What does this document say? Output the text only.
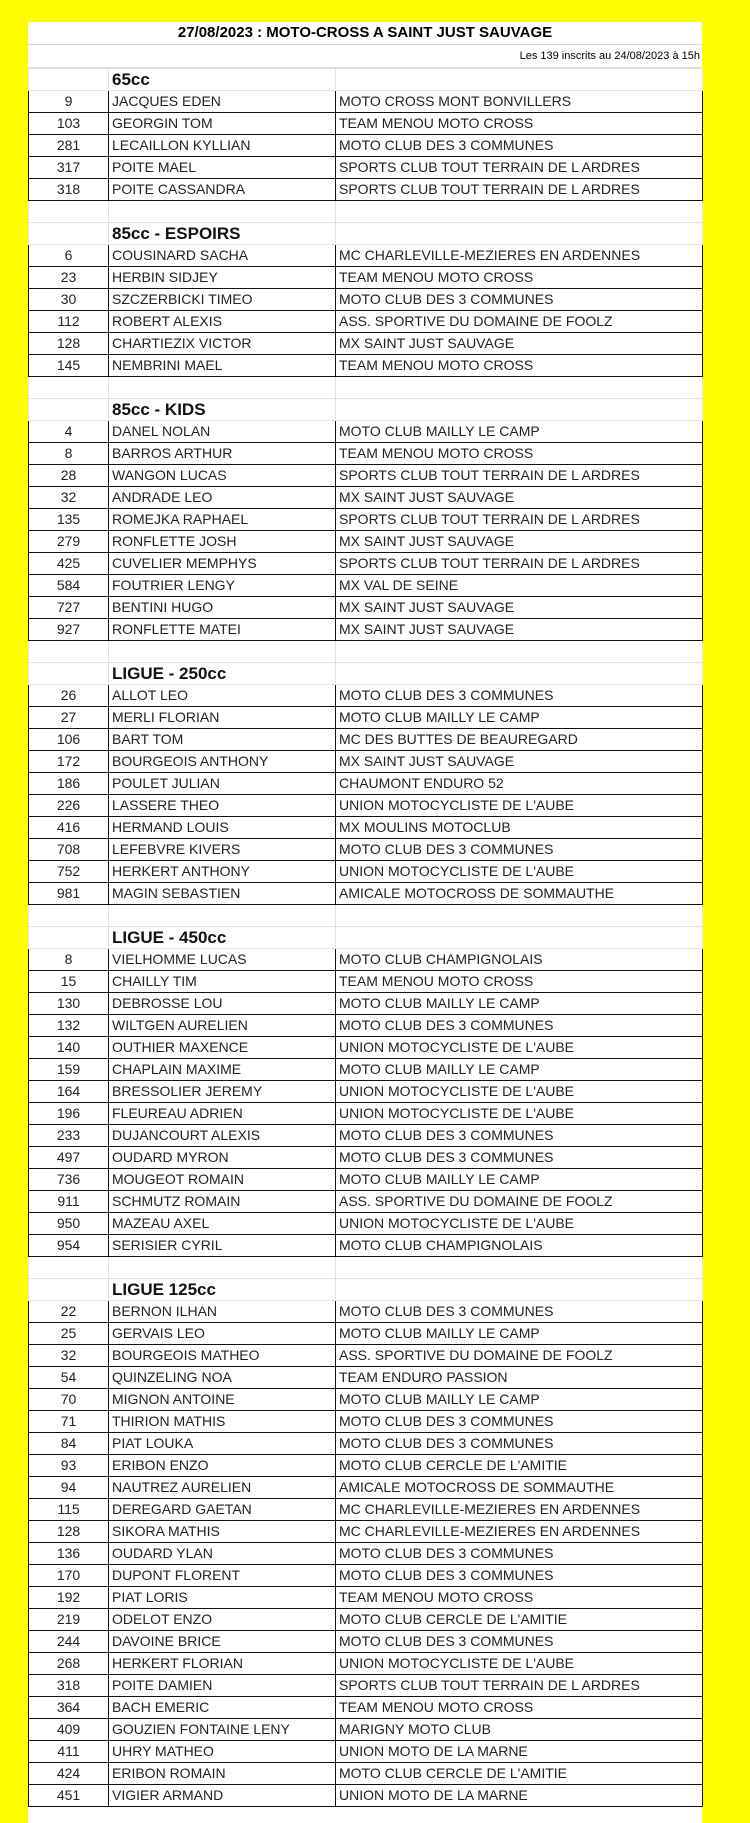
27/08/2023 : MOTO-CROSS A SAINT JUST SAUVAGE
Les 139 inscrits au 24/08/2023 à 15h
	65cc	
9	JACQUES EDEN	MOTO CROSS MONT BONVILLERS
103	GEORGIN TOM	TEAM MENOU MOTO CROSS
281	LECAILLON KYLLIAN	MOTO CLUB DES 3 COMMUNES
317	POITE MAEL	SPORTS CLUB TOUT TERRAIN DE L ARDRES
318	POITE CASSANDRA	SPORTS CLUB TOUT TERRAIN DE L ARDRES

	85cc - ESPOIRS	
6	COUSINARD SACHA	MC CHARLEVILLE-MEZIERES EN ARDENNES
23	HERBIN SIDJEY	TEAM MENOU MOTO CROSS
30	SZCZERBICKI TIMEO	MOTO CLUB DES 3 COMMUNES
112	ROBERT ALEXIS	ASS. SPORTIVE DU DOMAINE DE FOOLZ
128	CHARTIEZIX VICTOR	MX SAINT JUST SAUVAGE
145	NEMBRINI MAEL	TEAM MENOU MOTO CROSS

	85cc - KIDS	
4	DANEL NOLAN	MOTO CLUB MAILLY LE CAMP
8	BARROS ARTHUR	TEAM MENOU MOTO CROSS
28	WANGON LUCAS	SPORTS CLUB TOUT TERRAIN DE L ARDRES
32	ANDRADE LEO	MX SAINT JUST SAUVAGE
135	ROMEJKA RAPHAEL	SPORTS CLUB TOUT TERRAIN DE L ARDRES
279	RONFLETTE JOSH	MX SAINT JUST SAUVAGE
425	CUVELIER MEMPHYS	SPORTS CLUB TOUT TERRAIN DE L ARDRES
584	FOUTRIER LENGY	MX VAL DE SEINE
727	BENTINI HUGO	MX SAINT JUST SAUVAGE
927	RONFLETTE MATEI	MX SAINT JUST SAUVAGE

	LIGUE - 250cc	
26	ALLOT LEO	MOTO CLUB DES 3 COMMUNES
27	MERLI FLORIAN	MOTO CLUB MAILLY LE CAMP
106	BART TOM	MC DES BUTTES DE BEAUREGARD
172	BOURGEOIS ANTHONY	MX SAINT JUST SAUVAGE
186	POULET JULIAN	CHAUMONT ENDURO 52
226	LASSERE THEO	UNION MOTOCYCLISTE DE L'AUBE
416	HERMAND LOUIS	MX MOULINS MOTOCLUB
708	LEFEBVRE KIVERS	MOTO CLUB DES 3 COMMUNES
752	HERKERT ANTHONY	UNION MOTOCYCLISTE DE L'AUBE
981	MAGIN SEBASTIEN	AMICALE MOTOCROSS DE SOMMAUTHE

	LIGUE - 450cc	
8	VIELHOMME LUCAS	MOTO CLUB CHAMPIGNOLAIS
15	CHAILLY TIM	TEAM MENOU MOTO CROSS
130	DEBROSSE LOU	MOTO CLUB MAILLY LE CAMP
132	WILTGEN AURELIEN	MOTO CLUB DES 3 COMMUNES
140	OUTHIER MAXENCE	UNION MOTOCYCLISTE DE L'AUBE
159	CHAPLAIN MAXIME	MOTO CLUB MAILLY LE CAMP
164	BRESSOLIER JEREMY	UNION MOTOCYCLISTE DE L'AUBE
196	FLEUREAU ADRIEN	UNION MOTOCYCLISTE DE L'AUBE
233	DUJANCOURT ALEXIS	MOTO CLUB DES 3 COMMUNES
497	OUDARD MYRON	MOTO CLUB DES 3 COMMUNES
736	MOUGEOT ROMAIN	MOTO CLUB MAILLY LE CAMP
911	SCHMUTZ ROMAIN	ASS. SPORTIVE DU DOMAINE DE FOOLZ
950	MAZEAU AXEL	UNION MOTOCYCLISTE DE L'AUBE
954	SERISIER CYRIL	MOTO CLUB CHAMPIGNOLAIS

	LIGUE 125cc	
22	BERNON ILHAN	MOTO CLUB DES 3 COMMUNES
25	GERVAIS LEO	MOTO CLUB MAILLY LE CAMP
32	BOURGEOIS MATHEO	ASS. SPORTIVE DU DOMAINE DE FOOLZ
54	QUINZELING NOA	TEAM ENDURO PASSION
70	MIGNON ANTOINE	MOTO CLUB MAILLY LE CAMP
71	THIRION MATHIS	MOTO CLUB DES 3 COMMUNES
84	PIAT LOUKA	MOTO CLUB DES 3 COMMUNES
93	ERIBON ENZO	MOTO CLUB CERCLE DE L'AMITIE
94	NAUTREZ AURELIEN	AMICALE MOTOCROSS DE SOMMAUTHE
115	DEREGARD GAETAN	MC CHARLEVILLE-MEZIERES EN ARDENNES
128	SIKORA MATHIS	MC CHARLEVILLE-MEZIERES EN ARDENNES
136	OUDARD YLAN	MOTO CLUB DES 3 COMMUNES
170	DUPONT FLORENT	MOTO CLUB DES 3 COMMUNES
192	PIAT LORIS	TEAM MENOU MOTO CROSS
219	ODELOT ENZO	MOTO CLUB CERCLE DE L'AMITIE
244	DAVOINE BRICE	MOTO CLUB DES 3 COMMUNES
268	HERKERT FLORIAN	UNION MOTOCYCLISTE DE L'AUBE
318	POITE DAMIEN	SPORTS CLUB TOUT TERRAIN DE L ARDRES
364	BACH EMERIC	TEAM MENOU MOTO CROSS
409	GOUZIEN FONTAINE LENY	MARIGNY MOTO CLUB
411	UHRY MATHEO	UNION MOTO DE LA MARNE
424	ERIBON ROMAIN	MOTO CLUB CERCLE DE L'AMITIE
451	VIGIER ARMAND	UNION MOTO DE LA MARNE
